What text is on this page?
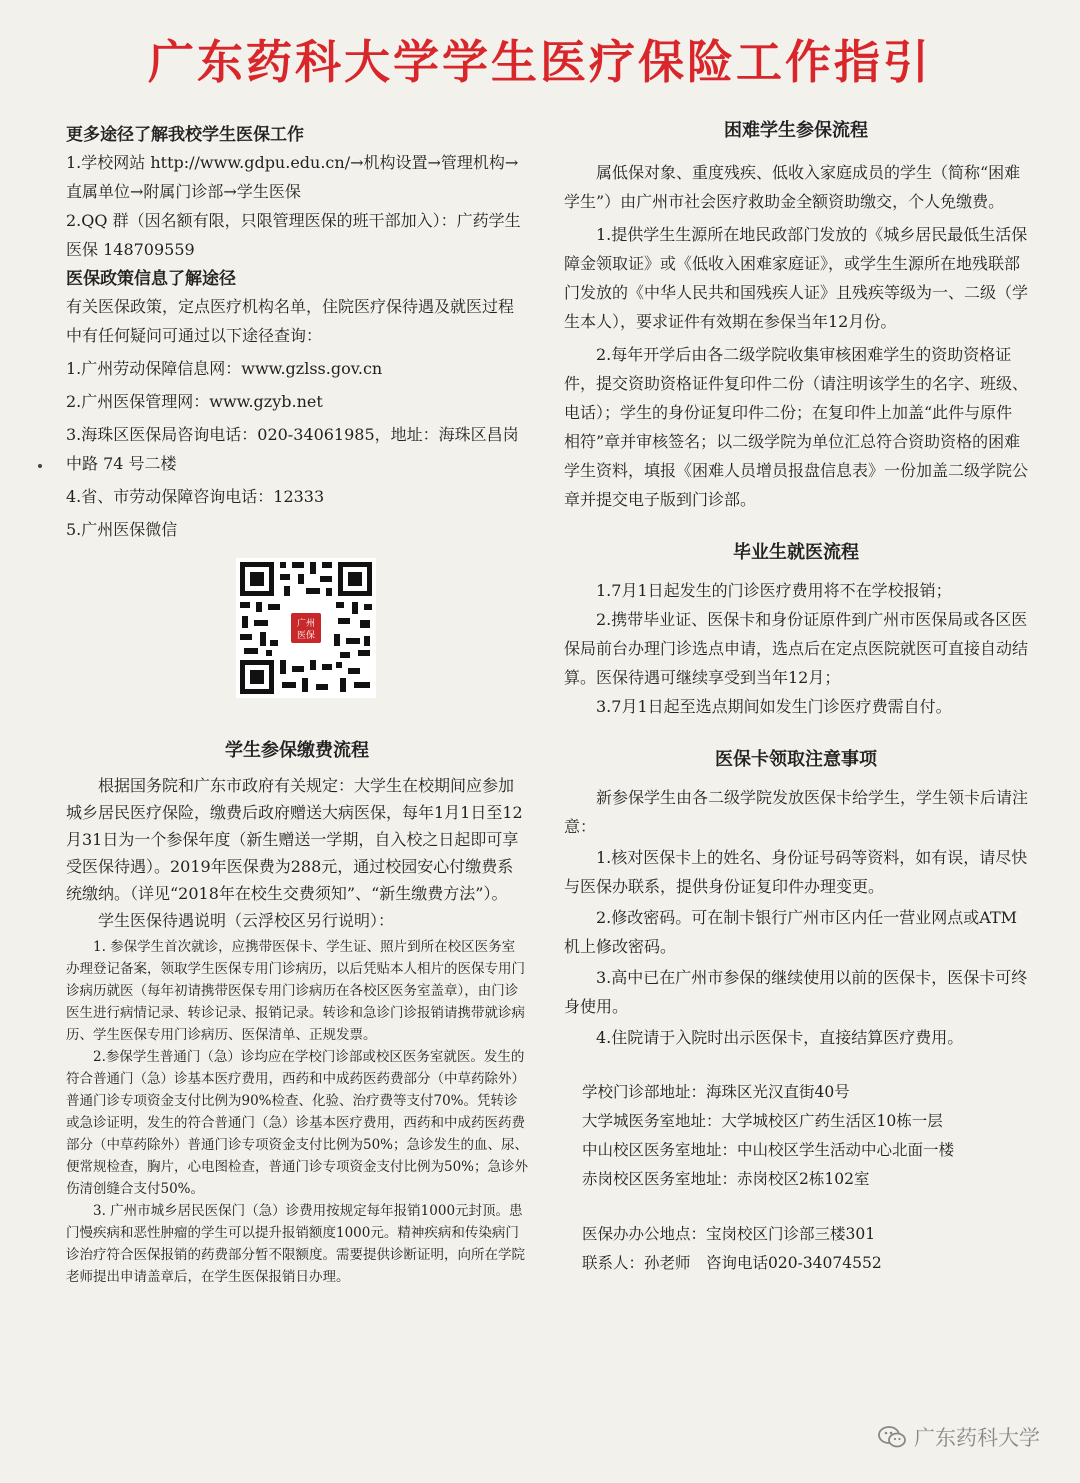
广东药科大学学生医疗保险工作指引

更多途径了解我校学生医保工作

1.学校网站 http://www.gdpu.edu.cn/→机构设置→管理机构→直属单位→附属门诊部→学生医保

2.QQ 群（因名额有限，只限管理医保的班干部加入）：广药学生医保 148709559

医保政策信息了解途径

有关医保政策，定点医疗机构名单，住院医疗保待遇及就医过程中有任何疑问可通过以下途径查询：

1.广州劳动保障信息网：www.gzlss.gov.cn

2.广州医保管理网：www.gzyb.net

3.海珠区医保局咨询电话：020-34061985，地址：海珠区昌岗中路 74 号二楼

4.省、市劳动保障咨询电话：12333

5.广州医保微信

广州
医保

学生参保缴费流程

根据国务院和广东市政府有关规定：大学生在校期间应参加城乡居民医疗保险，缴费后政府赠送大病医保，每年1月1日至12月31日为一个参保年度（新生赠送一学期，自入校之日起即可享受医保待遇）。2019年医保费为288元，通过校园安心付缴费系统缴纳。（详见“2018年在校生交费须知”、“新生缴费方法”）。

学生医保待遇说明（云浮校区另行说明）：

1. 参保学生首次就诊，应携带医保卡、学生证、照片到所在校区医务室办理登记备案，领取学生医保专用门诊病历，以后凭贴本人相片的医保专用门诊病历就医（每年初请携带医保专用门诊病历在各校区医务室盖章），由门诊医生进行病情记录、转诊记录、报销记录。转诊和急诊门诊报销请携带就诊病历、学生医保专用门诊病历、医保清单、正规发票。

2.参保学生普通门（急）诊均应在学校门诊部或校区医务室就医。发生的符合普通门（急）诊基本医疗费用，西药和中成药医药费部分（中草药除外）普通门诊专项资金支付比例为90%检查、化验、治疗费等支付70%。凭转诊或急诊证明，发生的符合普通门（急）诊基本医疗费用，西药和中成药医药费部分（中草药除外）普通门诊专项资金支付比例为50%；急诊发生的血、尿、便常规检查，胸片，心电图检查，普通门诊专项资金支付比例为50%；急诊外伤清创缝合支付50%。

3. 广州市城乡居民医保门（急）诊费用按规定每年报销1000元封顶。患门慢疾病和恶性肿瘤的学生可以提升报销额度1000元。精神疾病和传染病门诊治疗符合医保报销的药费部分暂不限额度。需要提供诊断证明，向所在学院老师提出申请盖章后，在学生医保报销日办理。

困难学生参保流程

属低保对象、重度残疾、低收入家庭成员的学生（简称“困难学生”）由广州市社会医疗救助金全额资助缴交，个人免缴费。

1.提供学生生源所在地民政部门发放的《城乡居民最低生活保障金领取证》或《低收入困难家庭证》，或学生生源所在地残联部门发放的《中华人民共和国残疾人证》且残疾等级为一、二级（学生本人），要求证件有效期在参保当年12月份。

2.每年开学后由各二级学院收集审核困难学生的资助资格证件，提交资助资格证件复印件二份（请注明该学生的名字、班级、电话）；学生的身份证复印件二份；在复印件上加盖“此件与原件相符”章并审核签名；以二级学院为单位汇总符合资助资格的困难学生资料，填报《困难人员增员报盘信息表》一份加盖二级学院公章并提交电子版到门诊部。

毕业生就医流程

1.7月1日起发生的门诊医疗费用将不在学校报销；

2.携带毕业证、医保卡和身份证原件到广州市医保局或各区医保局前台办理门诊选点申请，选点后在定点医院就医可直接自动结算。医保待遇可继续享受到当年12月；

3.7月1日起至选点期间如发生门诊医疗费需自付。

医保卡领取注意事项

新参保学生由各二级学院发放医保卡给学生，学生领卡后请注意：

1.核对医保卡上的姓名、身份证号码等资料，如有误，请尽快与医保办联系，提供身份证复印件办理变更。

2.修改密码。可在制卡银行广州市区内任一营业网点或ATM机上修改密码。

3.高中已在广州市参保的继续使用以前的医保卡，医保卡可终身使用。

4.住院请于入院时出示医保卡，直接结算医疗费用。

学校门诊部地址：海珠区光汉直街40号

大学城医务室地址：大学城校区广药生活区10栋一层

中山校区医务室地址：中山校区学生活动中心北面一楼

赤岗校区医务室地址：赤岗校区2栋102室

医保办办公地点：宝岗校区门诊部三楼301

联系人：孙老师　咨询电话020-34074552

广东药科大学
